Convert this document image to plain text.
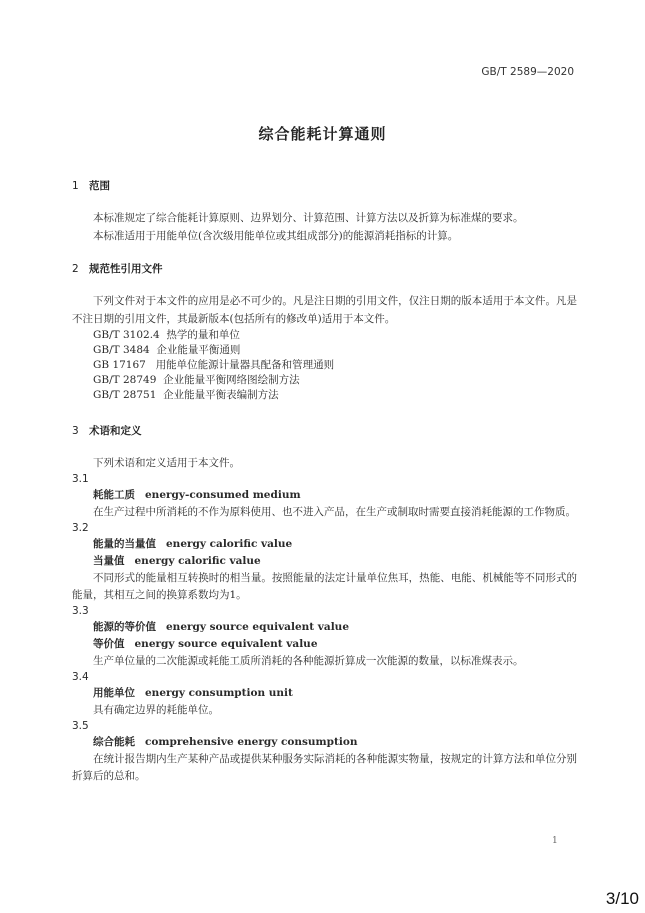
GB/T 2589—2020
综合能耗计算通则
1 范围
本标准规定了综合能耗计算原则、边界划分、计算范围、计算方法以及折算为标准煤的要求。
本标准适用于用能单位(含次级用能单位或其组成部分)的能源消耗指标的计算。
2 规范性引用文件
下列文件对于本文件的应用是必不可少的。凡是注日期的引用文件，仅注日期的版本适用于本文件。凡是不注日期的引用文件，其最新版本(包括所有的修改单)适用于本文件。
GB/T 3102.4 热学的量和单位
GB/T 3484 企业能量平衡通则
GB 17167 用能单位能源计量器具配备和管理通则
GB/T 28749 企业能量平衡网络图绘制方法
GB/T 28751 企业能量平衡表编制方法
3 术语和定义
下列术语和定义适用于本文件。
3.1
耗能工质 energy-consumed medium
在生产过程中所消耗的不作为原料使用、也不进入产品，在生产或制取时需要直接消耗能源的工作物质。
3.2
能量的当量值 energy calorific value
当量值 energy calorific value
不同形式的能量相互转换时的相当量。按照能量的法定计量单位焦耳，热能、电能、机械能等不同形式的能量，其相互之间的换算系数均为1。
3.3
能源的等价值 energy source equivalent value
等价值 energy source equivalent value
生产单位量的二次能源或耗能工质所消耗的各种能源折算成一次能源的数量，以标准煤表示。
3.4
用能单位 energy consumption unit
具有确定边界的耗能单位。
3.5
综合能耗 comprehensive energy consumption
在统计报告期内生产某种产品或提供某种服务实际消耗的各种能源实物量，按规定的计算方法和单位分别折算后的总和。
1
3/10
